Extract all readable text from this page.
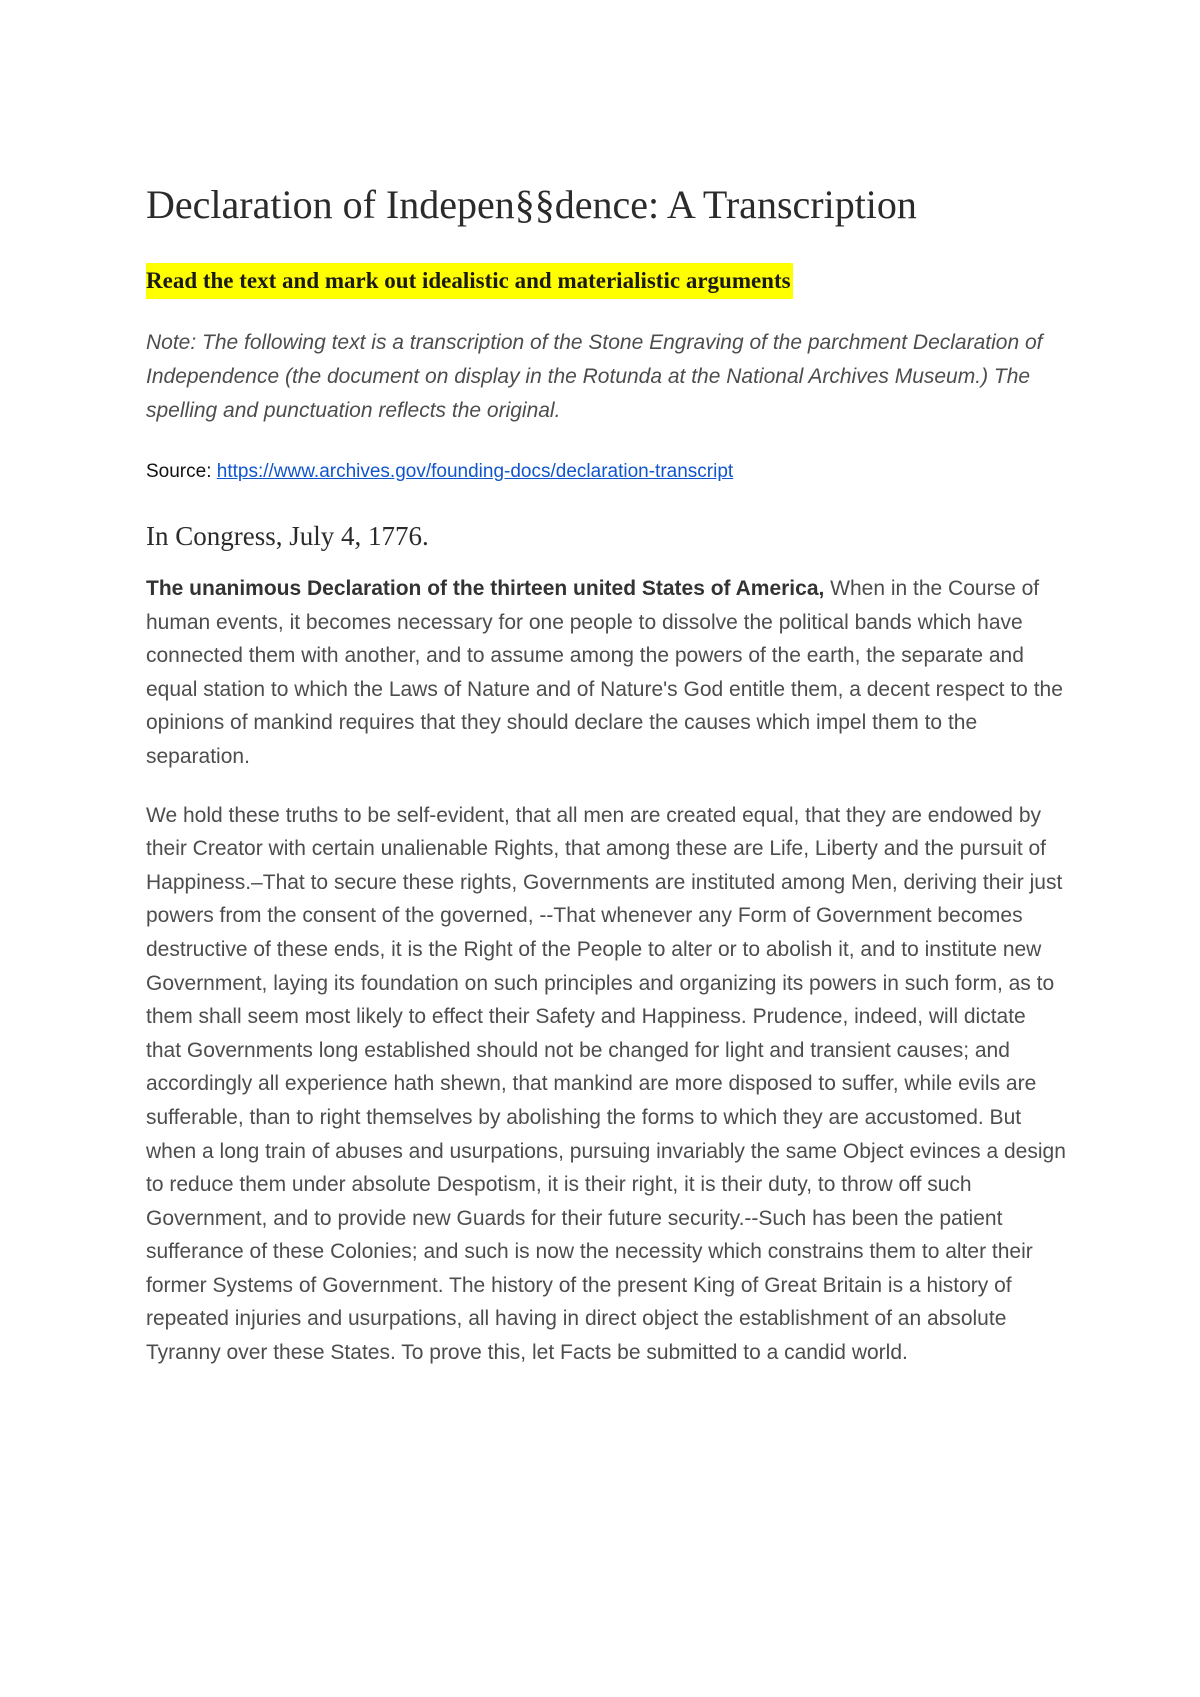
Declaration of Indepen§§dence: A Transcription
Read the text and mark out idealistic and materialistic arguments
Note: The following text is a transcription of the Stone Engraving of the parchment Declaration of Independence (the document on display in the Rotunda at the National Archives Museum.) The spelling and punctuation reflects the original.
Source: https://www.archives.gov/founding-docs/declaration-transcript
In Congress, July 4, 1776.

The unanimous Declaration of the thirteen united States of America, When in the Course of human events, it becomes necessary for one people to dissolve the political bands which have connected them with another, and to assume among the powers of the earth, the separate and equal station to which the Laws of Nature and of Nature's God entitle them, a decent respect to the opinions of mankind requires that they should declare the causes which impel them to the separation.

We hold these truths to be self-evident, that all men are created equal, that they are endowed by their Creator with certain unalienable Rights, that among these are Life, Liberty and the pursuit of Happiness.–That to secure these rights, Governments are instituted among Men, deriving their just powers from the consent of the governed, --That whenever any Form of Government becomes destructive of these ends, it is the Right of the People to alter or to abolish it, and to institute new Government, laying its foundation on such principles and organizing its powers in such form, as to them shall seem most likely to effect their Safety and Happiness. Prudence, indeed, will dictate that Governments long established should not be changed for light and transient causes; and accordingly all experience hath shewn, that mankind are more disposed to suffer, while evils are sufferable, than to right themselves by abolishing the forms to which they are accustomed. But when a long train of abuses and usurpations, pursuing invariably the same Object evinces a design to reduce them under absolute Despotism, it is their right, it is their duty, to throw off such Government, and to provide new Guards for their future security.--Such has been the patient sufferance of these Colonies; and such is now the necessity which constrains them to alter their former Systems of Government. The history of the present King of Great Britain is a history of repeated injuries and usurpations, all having in direct object the establishment of an absolute Tyranny over these States. To prove this, let Facts be submitted to a candid world.
